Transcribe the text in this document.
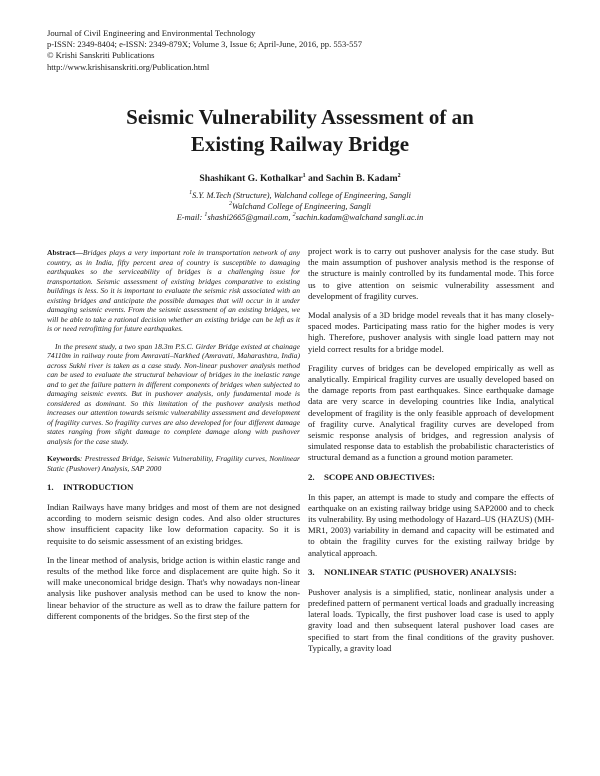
Journal of Civil Engineering and Environmental Technology
p-ISSN: 2349-8404; e-ISSN: 2349-879X; Volume 3, Issue 6; April-June, 2016, pp. 553-557
© Krishi Sanskriti Publications
http://www.krishisanskriti.org/Publication.html
Seismic Vulnerability Assessment of an
Existing Railway Bridge
Shashikant G. Kothalkar$^1$ and Sachin B. Kadam$^2$
$^1$S.Y. M.Tech (Structure), Walchand college of Engineering, Sangli
$^2$Walchand College of Engineering, Sangli
E-mail: $^1$shashi2665@gmail.com, $^2$sachin.kadam@walchand sangli.ac.in

Abstract—Bridges plays a very important role in transportation network of any country, as in India, fifty percent area of country is susceptible to damaging earthquakes so the serviceability of bridges is a challenging issue for transportation. Seismic assessment of existing bridges comparative to existing buildings is less. So it is important to evaluate the seismic risk associated with an existing bridges and anticipate the possible damages that will occur in it under damaging seismic events. From the seismic assessment of an existing bridges, we will be able to take a rational decision whether an existing bridge can be left as it is or need retrofitting for future earthquakes.

In the present study, a two span 18.3m P.S.C. Girder Bridge existed at chainage 74110m in railway route from Amravati–Narkhed (Amravati, Maharashtra, India) across Sukhi river is taken as a case study. Non-linear pushover analysis method can be used to evaluate the structural behaviour of bridges in the inelastic range and to get the failure pattern in different components of bridges when subjected to damaging seismic events. But in pushover analysis, only fundamental mode is considered as dominant. So this limitation of the pushover analysis method increases our attention towards seismic vulnerability assessment and development of fragility curves. So fragility curves are also developed for four different damage states ranging from slight damage to complete damage along with pushover analysis for the case study.

Keywords: Prestressed Bridge, Seismic Vulnerability, Fragility curves, Nonlinear Static (Pushover) Analysis, SAP 2000

1. INTRODUCTION

Indian Railways have many bridges and most of them are not designed according to modern seismic design codes. And also older structures show insufficient capacity like low deformation capacity. So it is requisite to do seismic assessment of an existing bridges.

In the linear method of analysis, bridge action is within elastic range and results of the method like force and displacement are quite high. So it will make uneconomical bridge design. That's why nowadays non-linear analysis like pushover analysis method can be used to know the non-linear behavior of the structure as well as to draw the failure pattern for different components of the bridges. So the first step of the

project work is to carry out pushover analysis for the case study. But the main assumption of pushover analysis method is the response of the structure is mainly controlled by its fundamental mode. This force us to give attention on seismic vulnerability assessment and development of fragility curves.

Modal analysis of a 3D bridge model reveals that it has many closely-spaced modes. Participating mass ratio for the higher modes is very high. Therefore, pushover analysis with single load pattern may not yield correct results for a bridge model.

Fragility curves of bridges can be developed empirically as well as analytically. Empirical fragility curves are usually developed based on the damage reports from past earthquakes. Since earthquake damage data are very scarce in developing countries like India, analytical development of fragility is the only feasible approach of development of fragility curve. Analytical fragility curves are developed from seismic response analysis of bridges, and regression analysis of simulated response data to establish the probabilistic characteristics of structural demand as a function a ground motion parameter.

2. SCOPE AND OBJECTIVES:

In this paper, an attempt is made to study and compare the effects of earthquake on an existing railway bridge using SAP2000 and to check its vulnerability. By using methodology of Hazard–US (HAZUS) (MH-MR1, 2003) variability in demand and capacity will be estimated and to obtain the fragility curves for the existing railway bridge by analytical approach.

3. NONLINEAR STATIC (PUSHOVER) ANALYSIS:

Pushover analysis is a simplified, static, nonlinear analysis under a predefined pattern of permanent vertical loads and gradually increasing lateral loads. Typically, the first pushover load case is used to apply gravity load and then subsequent lateral pushover load cases are specified to start from the final conditions of the gravity pushover. Typically, a gravity load
